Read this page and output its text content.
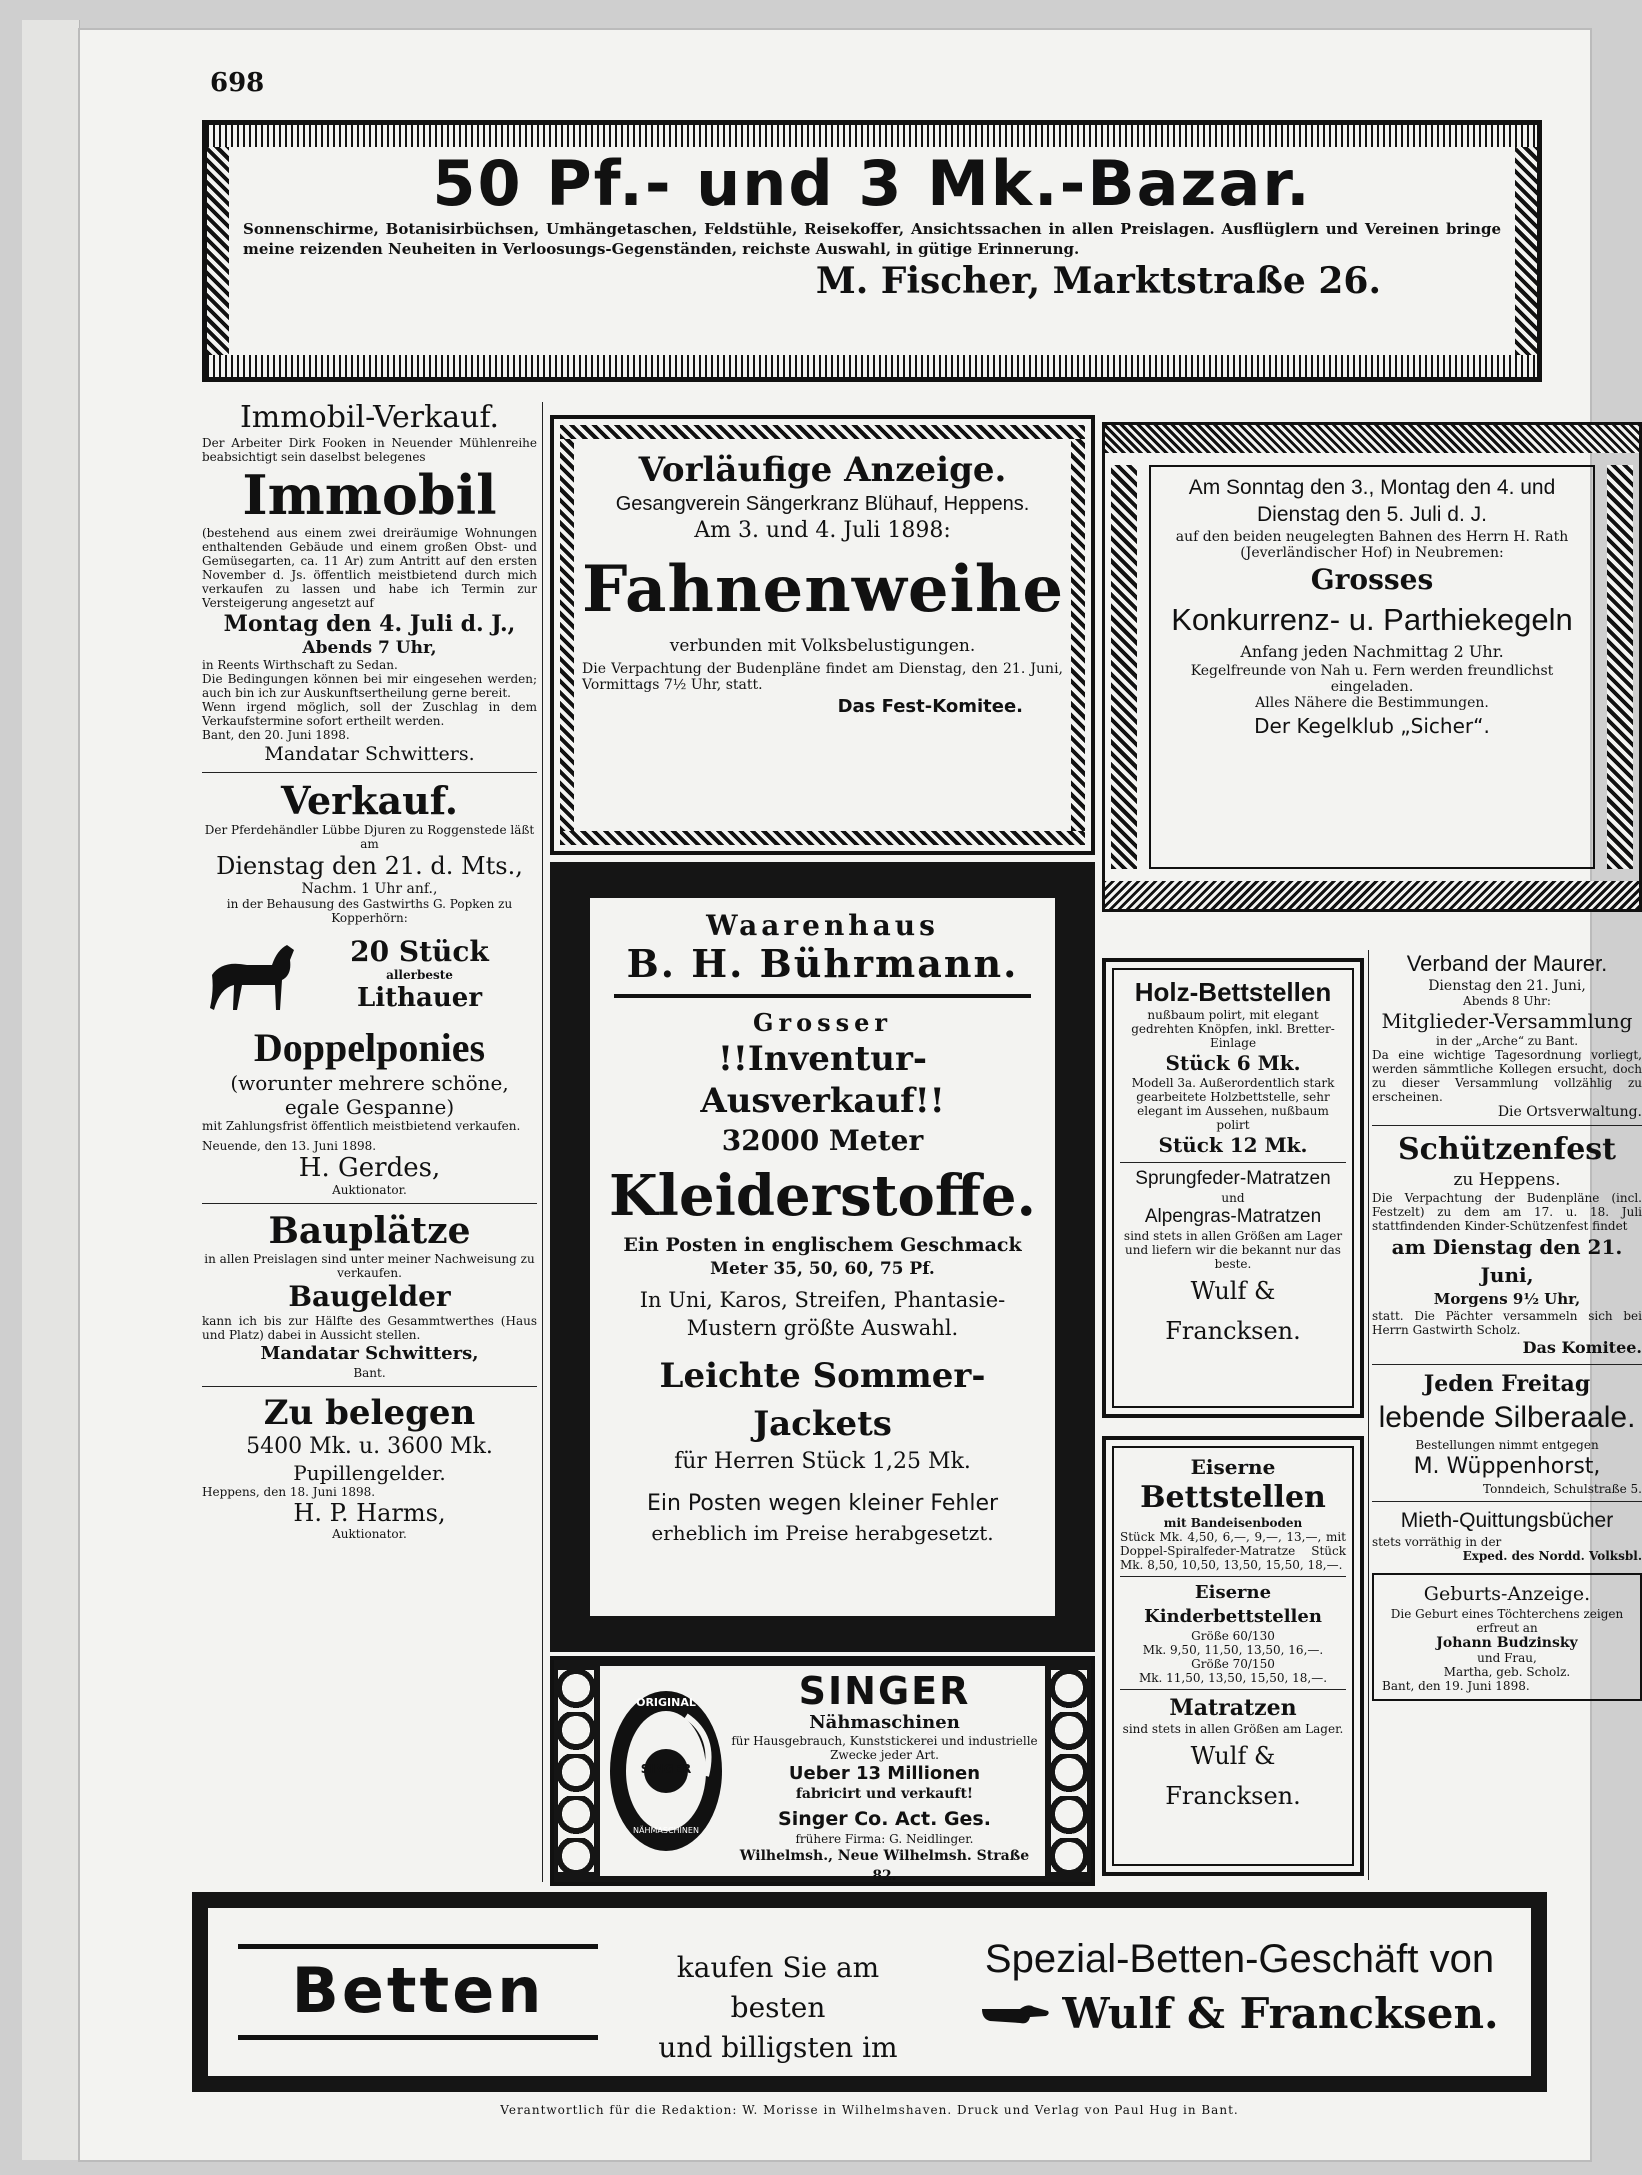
698
50 Pf.- und 3 Mk.-Bazar.
Sonnenschirme, Botanisirbüchsen, Umhängetaschen, Feldstühle, Reisekoffer, Ansichtssachen in allen Preislagen. Ausflüglern und Vereinen bringe meine reizenden Neuheiten in Verloosungs-Gegenständen, reichste Auswahl, in gütige Erinnerung.
M. Fischer, Marktstraße 26.
Immobil-Verkauf.
Der Arbeiter Dirk Fooken in Neuender Mühlenreihe beabsichtigt sein daselbst belegenes
Immobil
(bestehend aus einem zwei dreiräumige Wohnungen enthaltenden Gebäude und einem großen Obst- und Gemüsegarten, ca. 11 Ar) zum Antritt auf den ersten November d. Js. öffentlich meistbietend durch mich verkaufen zu lassen und habe ich Termin zur Versteigerung angesetzt auf
Montag den 4. Juli d. J.,
Abends 7 Uhr,
in Reents Wirthschaft zu Sedan.
Die Bedingungen können bei mir eingesehen werden; auch bin ich zur Auskunftsertheilung gerne bereit.
Wenn irgend möglich, soll der Zuschlag in dem Verkaufstermine sofort ertheilt werden.
Bant, den 20. Juni 1898.
Mandatar Schwitters.
Verkauf.
Der Pferdehändler Lübbe Djuren zu Roggenstede läßt am
Dienstag den 21. d. Mts.,
Nachm. 1 Uhr anf.,
in der Behausung des Gastwirths G. Popken zu Kopperhörn:
20 Stück
allerbeste
Lithauer
Doppelponies
(worunter mehrere schöne, egale Gespanne)
mit Zahlungsfrist öffentlich meistbietend verkaufen.
Neuende, den 13. Juni 1898.
H. Gerdes,
Auktionator.
Bauplätze
in allen Preislagen sind unter meiner Nachweisung zu verkaufen.
Baugelder
kann ich bis zur Hälfte des Gesammtwerthes (Haus und Platz) dabei in Aussicht stellen.
Mandatar Schwitters,
Bant.
Zu belegen
5400 Mk. u. 3600 Mk.
Pupillengelder.
Heppens, den 18. Juni 1898.
H. P. Harms,
Auktionator.
Vorläufige Anzeige.
Gesangverein Sängerkranz Blühauf, Heppens.
Am 3. und 4. Juli 1898:
Fahnenweihe
verbunden mit Volksbelustigungen.
Die Verpachtung der Budenpläne findet am Dienstag, den 21. Juni, Vormittags 7½ Uhr, statt.
Das Fest-Komitee.
Waarenhaus
B. H. Bührmann.
Grosser
!!Inventur-Ausverkauf!!
32000 Meter
Kleiderstoffe.
Ein Posten in englischem Geschmack
Meter 35, 50, 60, 75 Pf.
In Uni, Karos, Streifen, Phantasie-Mustern größte Auswahl.
Leichte Sommer-Jackets
für Herren Stück 1,25 Mk.
Ein Posten wegen kleiner Fehler
erheblich im Preise herabgesetzt.
ORIGINAL
SINGER
NÄHMASCHINEN
SINGER
Nähmaschinen
für Hausgebrauch, Kunststickerei und industrielle Zwecke jeder Art.
Ueber 13 Millionen
fabricirt und verkauft!
Singer Co. Act. Ges.
frühere Firma: G. Neidlinger.
Wilhelmsh., Neue Wilhelmsh. Straße 82.
Am Sonntag den 3., Montag den 4. und
Dienstag den 5. Juli d. J.
auf den beiden neugelegten Bahnen des Herrn H. Rath (Jeverländischer Hof) in Neubremen:
Grosses
Konkurrenz- u. Parthiekegeln
Anfang jeden Nachmittag 2 Uhr.
Kegelfreunde von Nah u. Fern werden freundlichst eingeladen.
Alles Nähere die Bestimmungen.
Der Kegelklub „Sicher“.
Holz-Bettstellen
nußbaum polirt, mit elegant gedrehten Knöpfen, inkl. Bretter-Einlage
Stück 6 Mk.
Modell 3a. Außerordentlich stark gearbeitete Holzbettstelle, sehr elegant im Aussehen, nußbaum polirt
Stück 12 Mk.
Sprungfeder-Matratzen
und
Alpengras-Matratzen
sind stets in allen Größen am Lager und liefern wir die bekannt nur das beste.
Wulf & Francksen.
Eiserne
Bettstellen
mit Bandeisenboden
Stück Mk. 4,50, 6,—, 9,—, 13,—, mit Doppel-Spiralfeder-Matratze Stück Mk. 8,50, 10,50, 13,50, 15,50, 18,—.
Eiserne Kinderbettstellen
Größe 60/130
Mk. 9,50, 11,50, 13,50, 16,—.
Größe 70/150
Mk. 11,50, 13,50, 15,50, 18,—.
Matratzen
sind stets in allen Größen am Lager.
Wulf & Francksen.
Verband der Maurer.
Dienstag den 21. Juni,
Abends 8 Uhr:
Mitglieder-Versammlung
in der „Arche“ zu Bant.
Da eine wichtige Tagesordnung vorliegt, werden sämmtliche Kollegen ersucht, doch zu dieser Versammlung vollzählig zu erscheinen.
Die Ortsverwaltung.
Schützenfest
zu Heppens.
Die Verpachtung der Budenpläne (incl. Festzelt) zu dem am 17. u. 18. Juli stattfindenden Kinder-Schützenfest findet
am Dienstag den 21. Juni,
Morgens 9½ Uhr,
statt. Die Pächter versammeln sich bei Herrn Gastwirth Scholz.
Das Komitee.
Jeden Freitag
lebende Silberaale.
Bestellungen nimmt entgegen
M. Wüppenhorst,
Tonndeich, Schulstraße 5.
Mieth-Quittungsbücher
stets vorräthig in der
Exped. des Nordd. Volksbl.
Geburts-Anzeige.
Die Geburt eines Töchterchens zeigen erfreut an
Johann Budzinsky
und Frau,
Martha, geb. Scholz.
Bant, den 19. Juni 1898.
Betten	kaufen Sie am besten
und billigsten im
Spezial-Betten-Geschäft von
Wulf & Francksen.
Verantwortlich für die Redaktion: W. Morisse in Wilhelmshaven. Druck und Verlag von Paul Hug in Bant.
